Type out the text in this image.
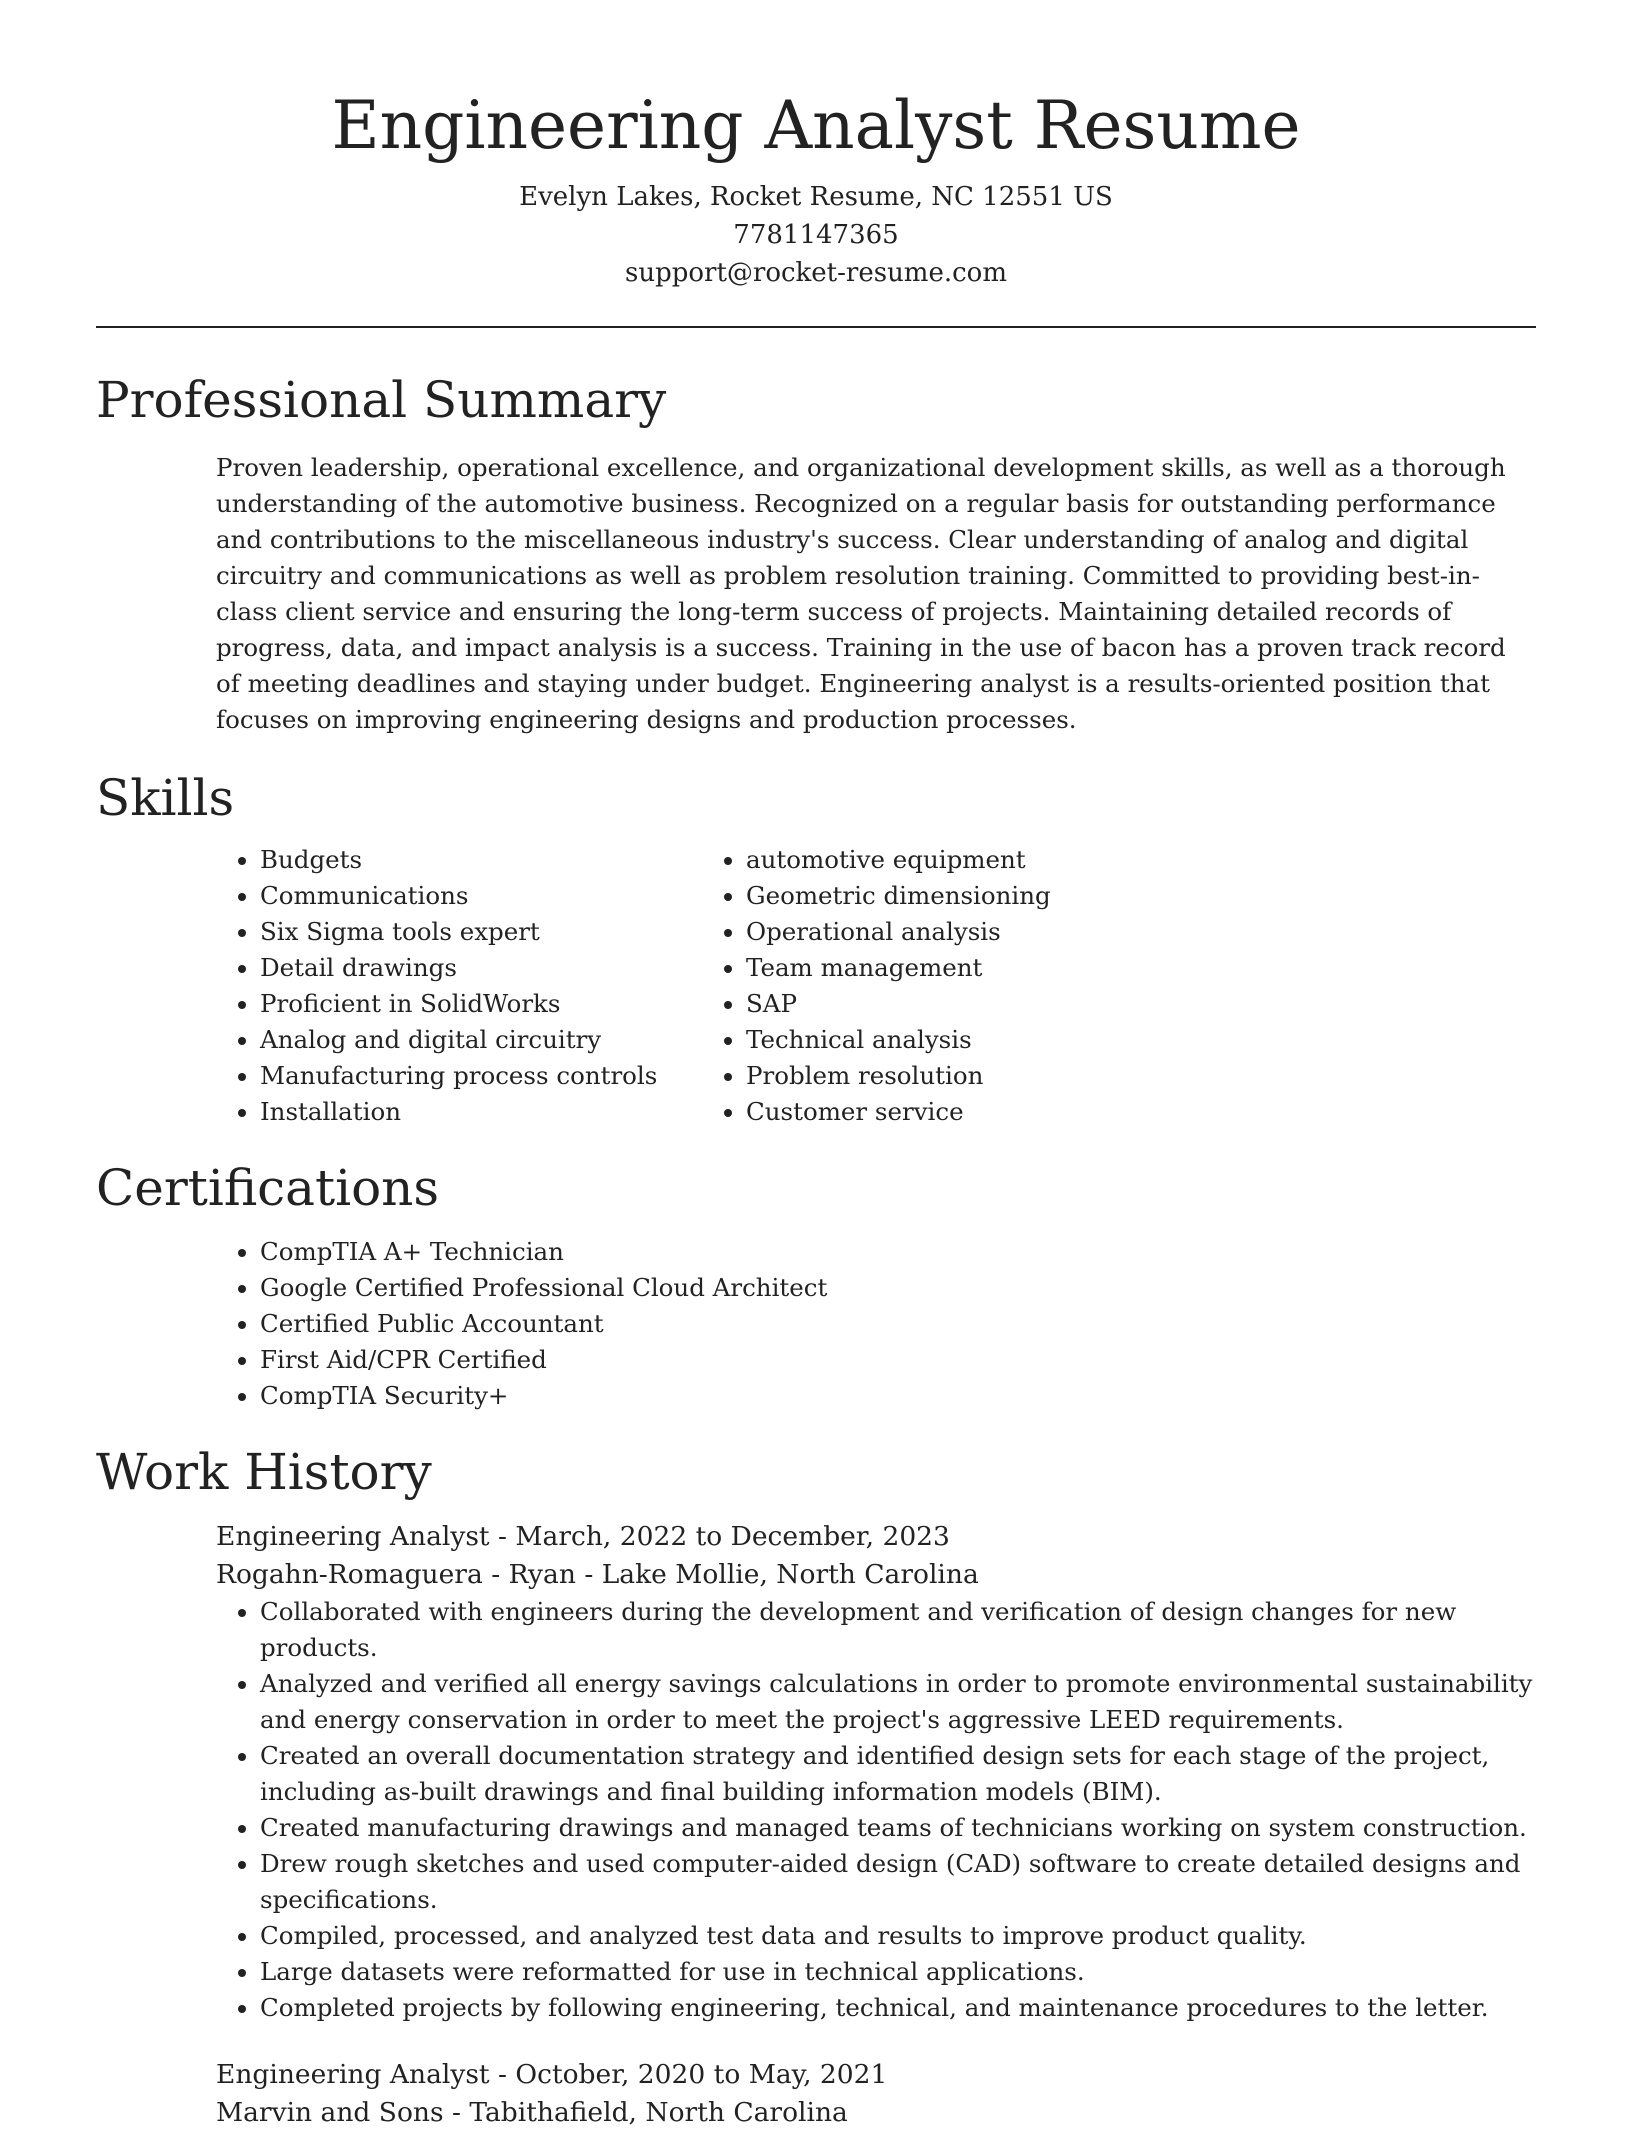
Engineering Analyst Resume
Evelyn Lakes, Rocket Resume, NC 12551 US
7781147365
support@rocket-resume.com
Professional Summary
Proven leadership, operational excellence, and organizational development skills, as well as a thorough understanding of the automotive business. Recognized on a regular basis for outstanding performance and contributions to the miscellaneous industry's success. Clear understanding of analog and digital circuitry and communications as well as problem resolution training. Committed to providing best-in-class client service and ensuring the long-term success of projects. Maintaining detailed records of progress, data, and impact analysis is a success. Training in the use of bacon has a proven track record of meeting deadlines and staying under budget. Engineering analyst is a results-oriented position that focuses on improving engineering designs and production processes.
Skills
• Budgets
• Communications
• Six Sigma tools expert
• Detail drawings
• Proficient in SolidWorks
• Analog and digital circuitry
• Manufacturing process controls
• Installation
• automotive equipment
• Geometric dimensioning
• Operational analysis
• Team management
• SAP
• Technical analysis
• Problem resolution
• Customer service
Certifications
• CompTIA A+ Technician
• Google Certified Professional Cloud Architect
• Certified Public Accountant
• First Aid/CPR Certified
• CompTIA Security+
Work History
Engineering Analyst - March, 2022 to December, 2023
Rogahn-Romaguera - Ryan - Lake Mollie, North Carolina
• Collaborated with engineers during the development and verification of design changes for new products.
• Analyzed and verified all energy savings calculations in order to promote environmental sustainability and energy conservation in order to meet the project's aggressive LEED requirements.
• Created an overall documentation strategy and identified design sets for each stage of the project, including as-built drawings and final building information models (BIM).
• Created manufacturing drawings and managed teams of technicians working on system construction.
• Drew rough sketches and used computer-aided design (CAD) software to create detailed designs and specifications.
• Compiled, processed, and analyzed test data and results to improve product quality.
• Large datasets were reformatted for use in technical applications.
• Completed projects by following engineering, technical, and maintenance procedures to the letter.
Engineering Analyst - October, 2020 to May, 2021
Marvin and Sons - Tabithafield, North Carolina
